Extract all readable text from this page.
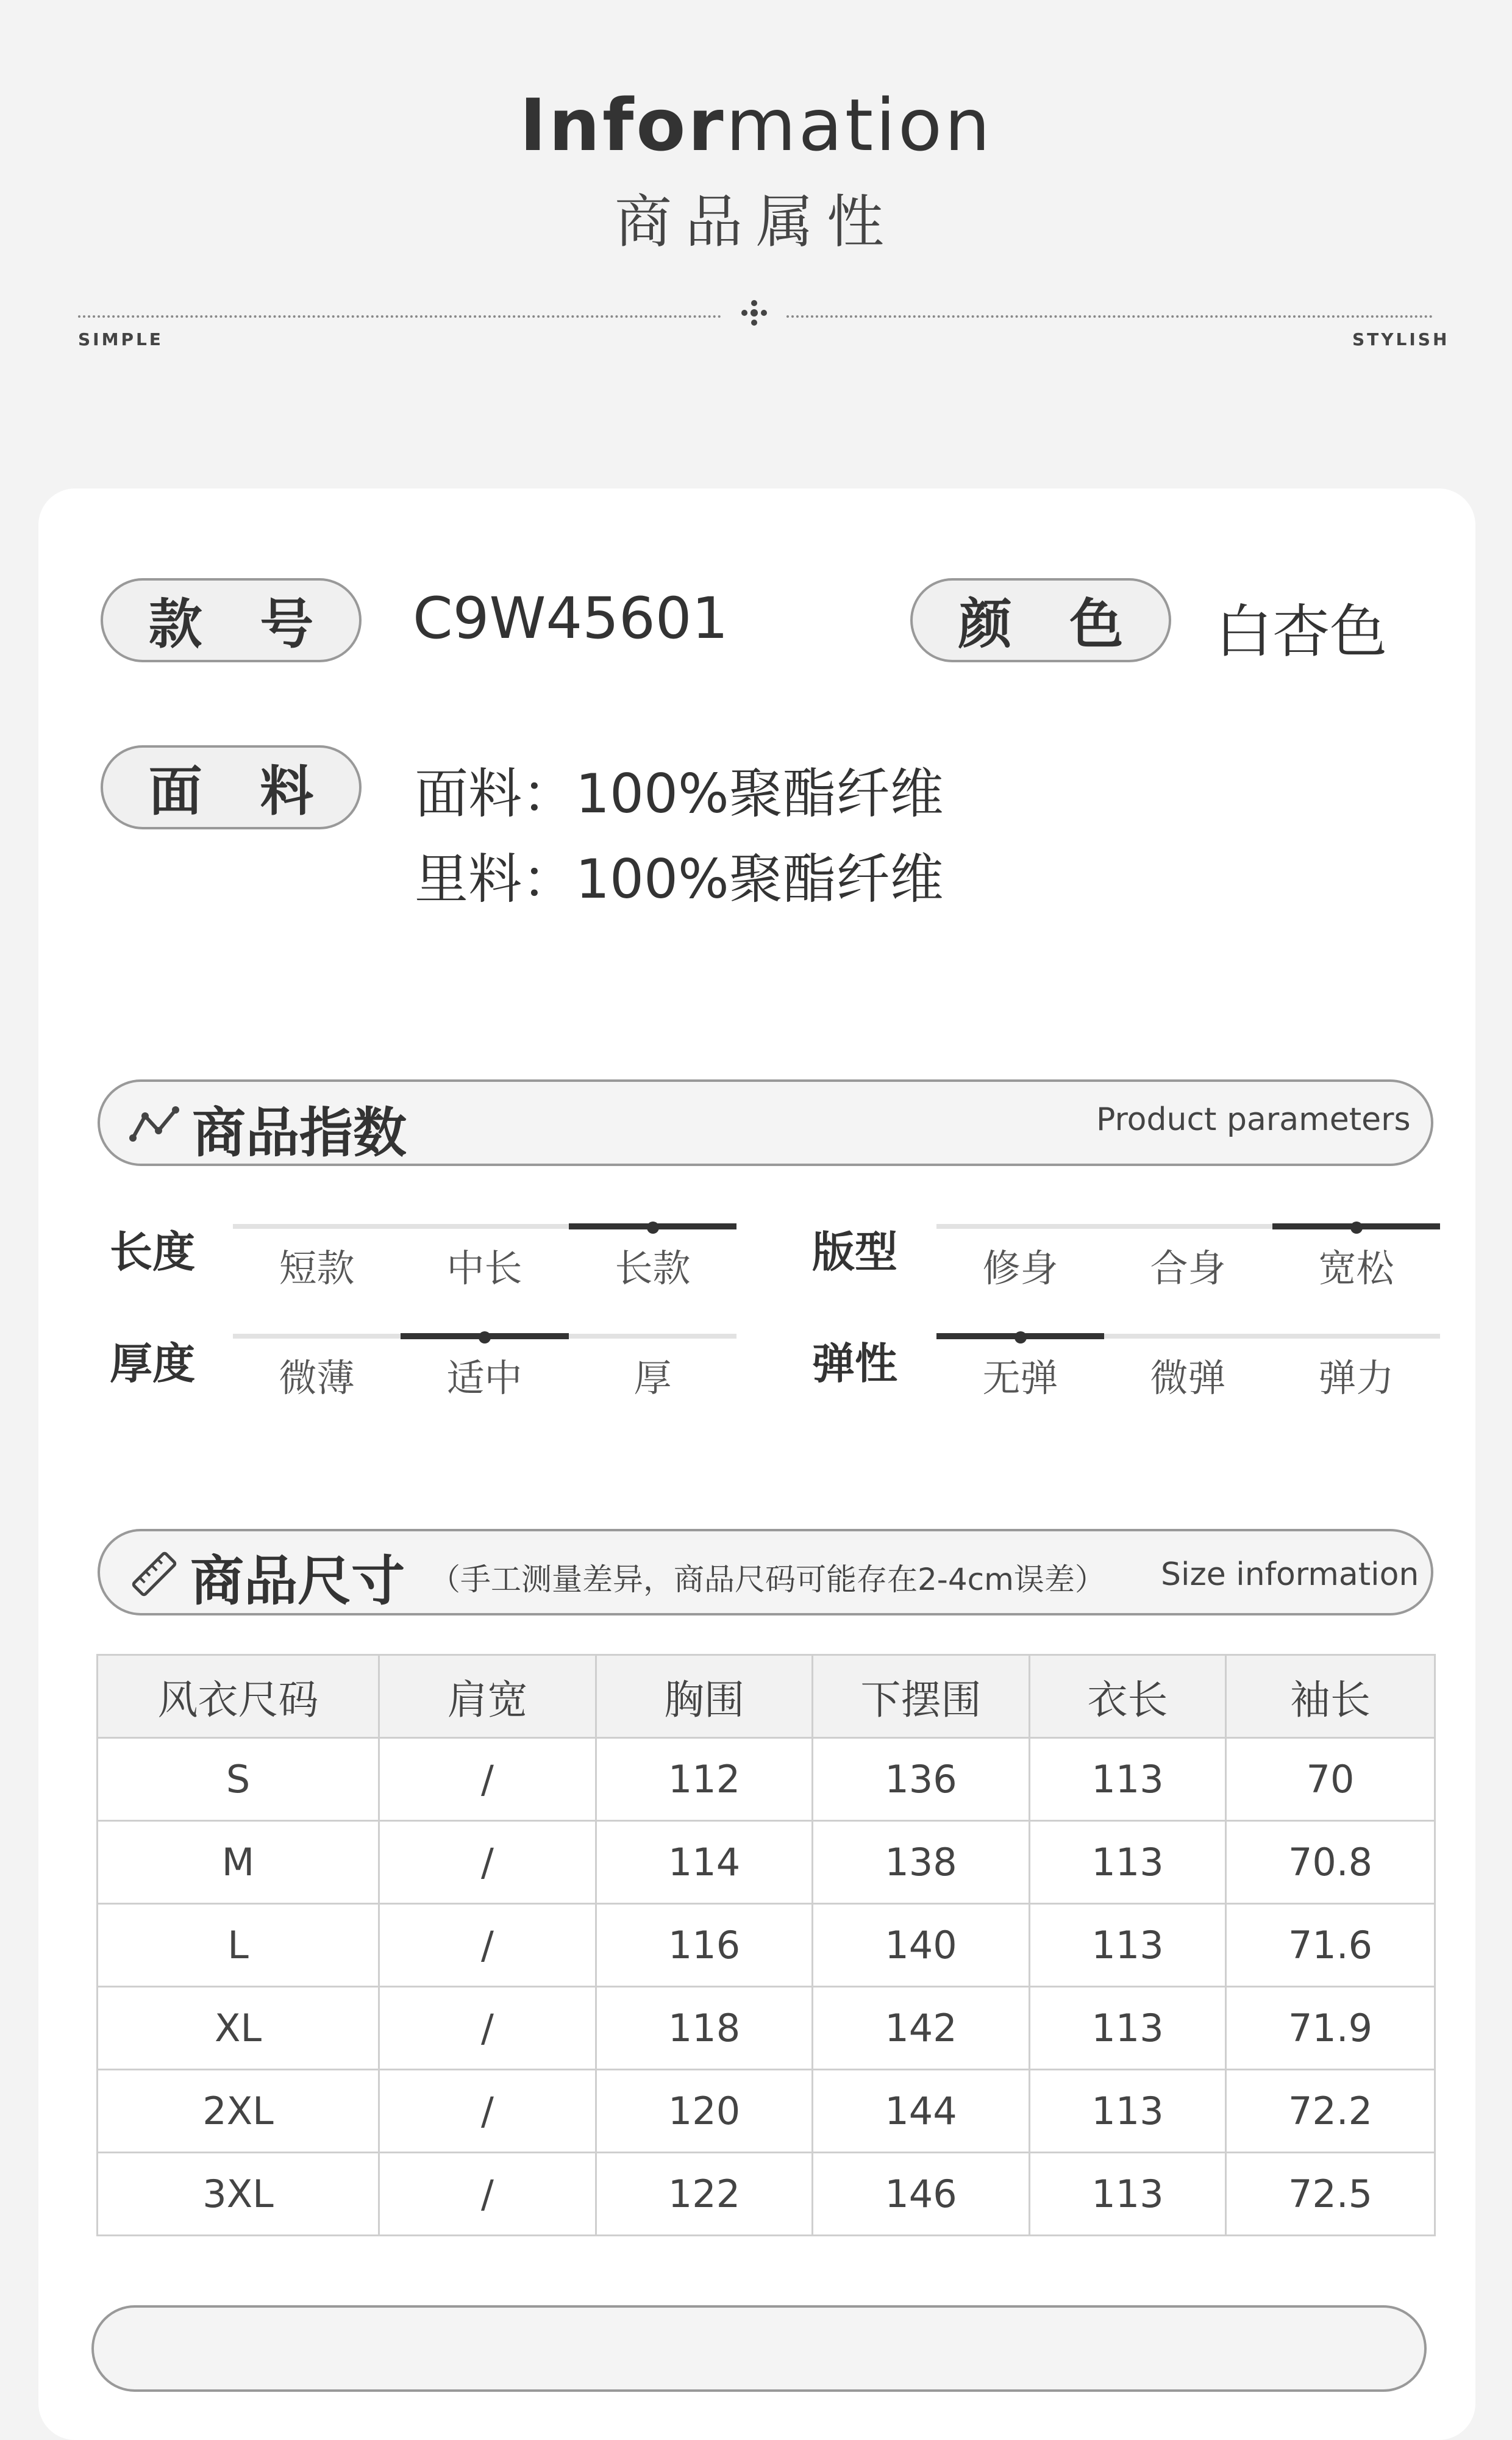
Information
商品属性
SIMPLE	STYLISH
款 号	C9W45601	颜 色	白杏色
面 料	面料：100%聚酯纤维
里料：100%聚酯纤维
商品指数	Product parameters
长度	短款	中长	长款	版型	修身	合身	宽松
厚度	微薄	适中	厚	弹性	无弹	微弹	弹力
商品尺寸 （手工测量差异，商品尺码可能存在2-4cm误差） Size information
风衣尺码	肩宽	胸围	下摆围	衣长	袖长
S	/	112	136	113	70
M	/	114	138	113	70.8
L	/	116	140	113	71.6
XL	/	118	142	113	71.9
2XL	/	120	144	113	72.2
3XL	/	122	146	113	72.5
